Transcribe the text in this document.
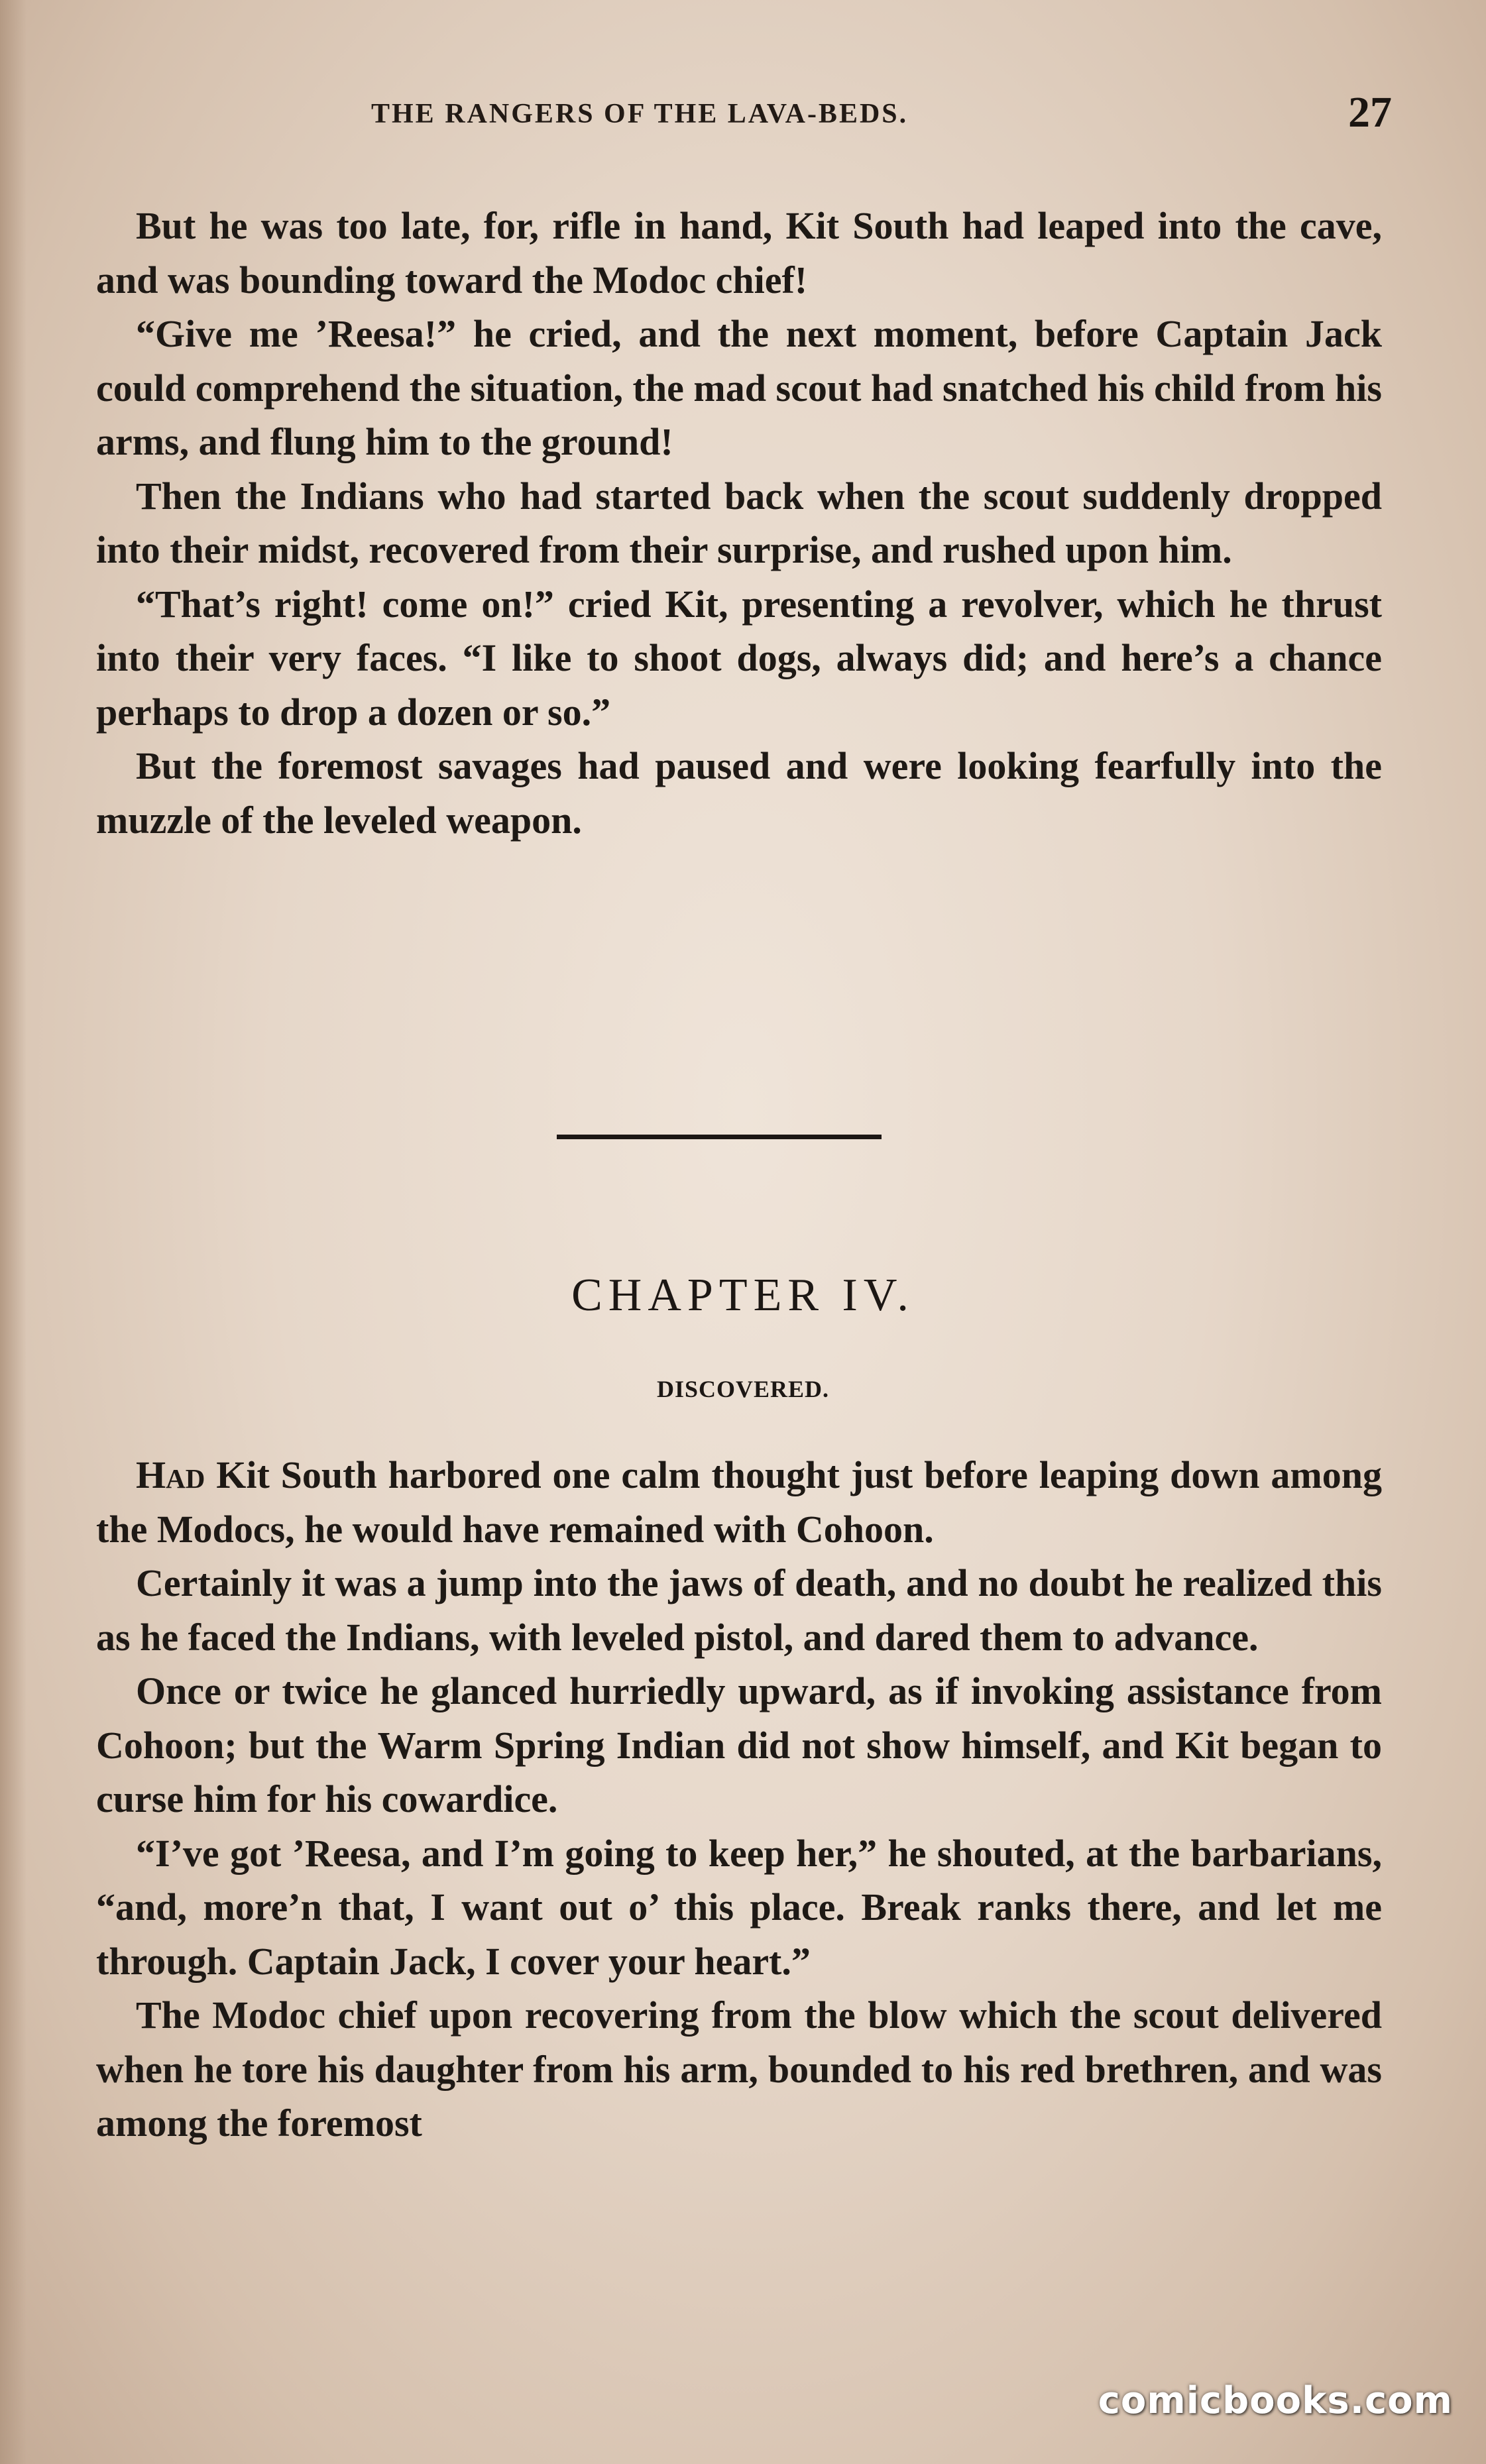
THE RANGERS OF THE LAVA-BEDS.	27

But he was too late, for, rifle in hand, Kit South had leaped into the cave, and was bounding toward the Modoc chief!

“Give me ’Reesa!” he cried, and the next moment, before Captain Jack could comprehend the situation, the mad scout had snatched his child from his arms, and flung him to the ground!

Then the Indians who had started back when the scout suddenly dropped into their midst, recovered from their surprise, and rushed upon him.

“That’s right! come on!” cried Kit, presenting a revolver, which he thrust into their very faces. “I like to shoot dogs, always did; and here’s a chance perhaps to drop a dozen or so.”

But the foremost savages had paused and were looking fearfully into the muzzle of the leveled weapon.

CHAPTER IV.
DISCOVERED.

Had Kit South harbored one calm thought just before leaping down among the Modocs, he would have remained with Cohoon.

Certainly it was a jump into the jaws of death, and no doubt he realized this as he faced the Indians, with leveled pistol, and dared them to advance.

Once or twice he glanced hurriedly upward, as if invoking assistance from Cohoon; but the Warm Spring Indian did not show himself, and Kit began to curse him for his cowardice.

“I’ve got ’Reesa, and I’m going to keep her,” he shouted, at the barbarians, “and, more’n that, I want out o’ this place. Break ranks there, and let me through. Captain Jack, I cover your heart.”

The Modoc chief upon recovering from the blow which the scout delivered when he tore his daughter from his arm, bounded to his red brethren, and was among the foremost

comicbooks.com
